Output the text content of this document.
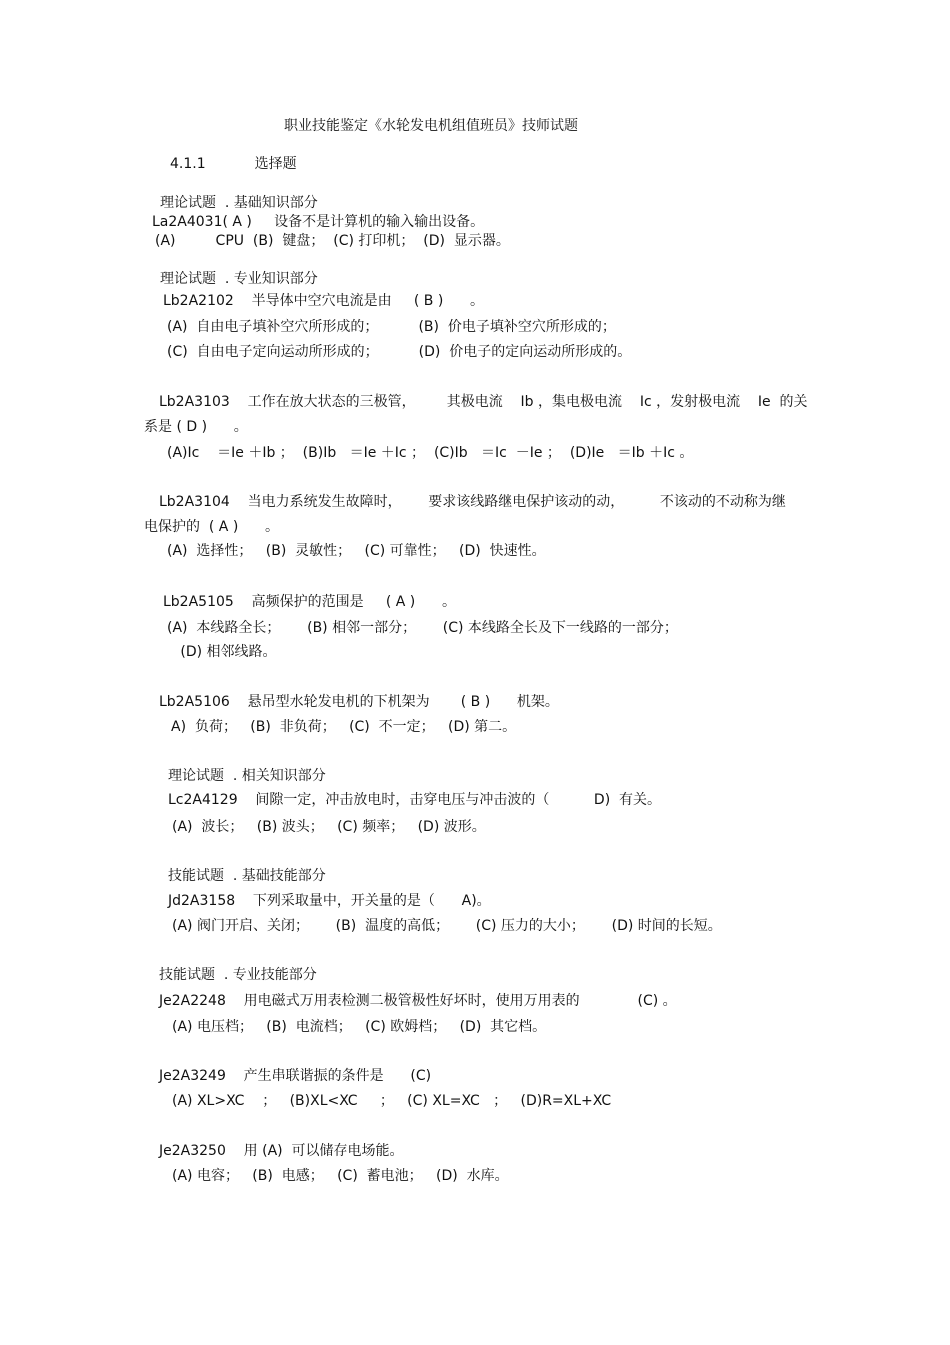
职业技能鉴定《水轮发电机组值班员》技师试题
4.1.1           选择题
理论试题  . 基础知识部分
La2A4031( A )     设备不是计算机的输入输出设备。
(A)         CPU  (B)  键盘；  (C) 打印机；  (D)  显示器。
理论试题  . 专业知识部分
Lb2A2102    半导体中空穴电流是由     ( B )      。
(A)  自由电子填补空穴所形成的；         (B)  价电子填补空穴所形成的；
(C)  自由电子定向运动所形成的；         (D)  价电子的定向运动所形成的。
Lb2A3103    工作在放大状态的三极管，       其极电流    Ib ，集电极电流    Ic ，发射极电流    Ie  的关
系是 ( D )      。
(A)Ic    ＝Ie ＋Ib ；  (B)Ib   ＝Ie ＋Ic ；  (C)Ib   ＝Ic  －Ie ；  (D)Ie   ＝Ib ＋Ic 。
Lb2A3104    当电力系统发生故障时，      要求该线路继电保护该动的动，        不该动的不动称为继
电保护的  ( A )      。
(A)  选择性；   (B)  灵敏性；   (C) 可靠性；   (D)  快速性。
Lb2A5105    高频保护的范围是     ( A )      。
(A)  本线路全长；      (B) 相邻一部分；      (C) 本线路全长及下一线路的一部分；
(D) 相邻线路。
Lb2A5106    悬吊型水轮发电机的下机架为       ( B )      机架。
A)  负荷；   (B)  非负荷；   (C)  不一定；   (D) 第二。
理论试题  . 相关知识部分
Lc2A4129    间隙一定，冲击放电时，击穿电压与冲击波的（          D)  有关。
(A)  波长；   (B) 波头；   (C) 频率；   (D) 波形。
技能试题  . 基础技能部分
Jd2A3158    下列采取量中，开关量的是（      A)。
(A) 阀门开启、关闭；      (B)  温度的高低；      (C) 压力的大小；      (D) 时间的长短。
技能试题  . 专业技能部分
Je2A2248    用电磁式万用表检测二极管极性好坏时，使用万用表的             (C) 。
(A) 电压档；   (B)  电流档；   (C) 欧姆档；   (D)  其它档。
Je2A3249    产生串联谐振的条件是      (C)
(A) XL>XC    ；   (B)XL<XC     ；   (C) XL=XC   ；   (D)R=XL+XC
Je2A3250    用 (A)  可以储存电场能。
(A) 电容；   (B)  电感；   (C)  蓄电池；   (D)  水库。
